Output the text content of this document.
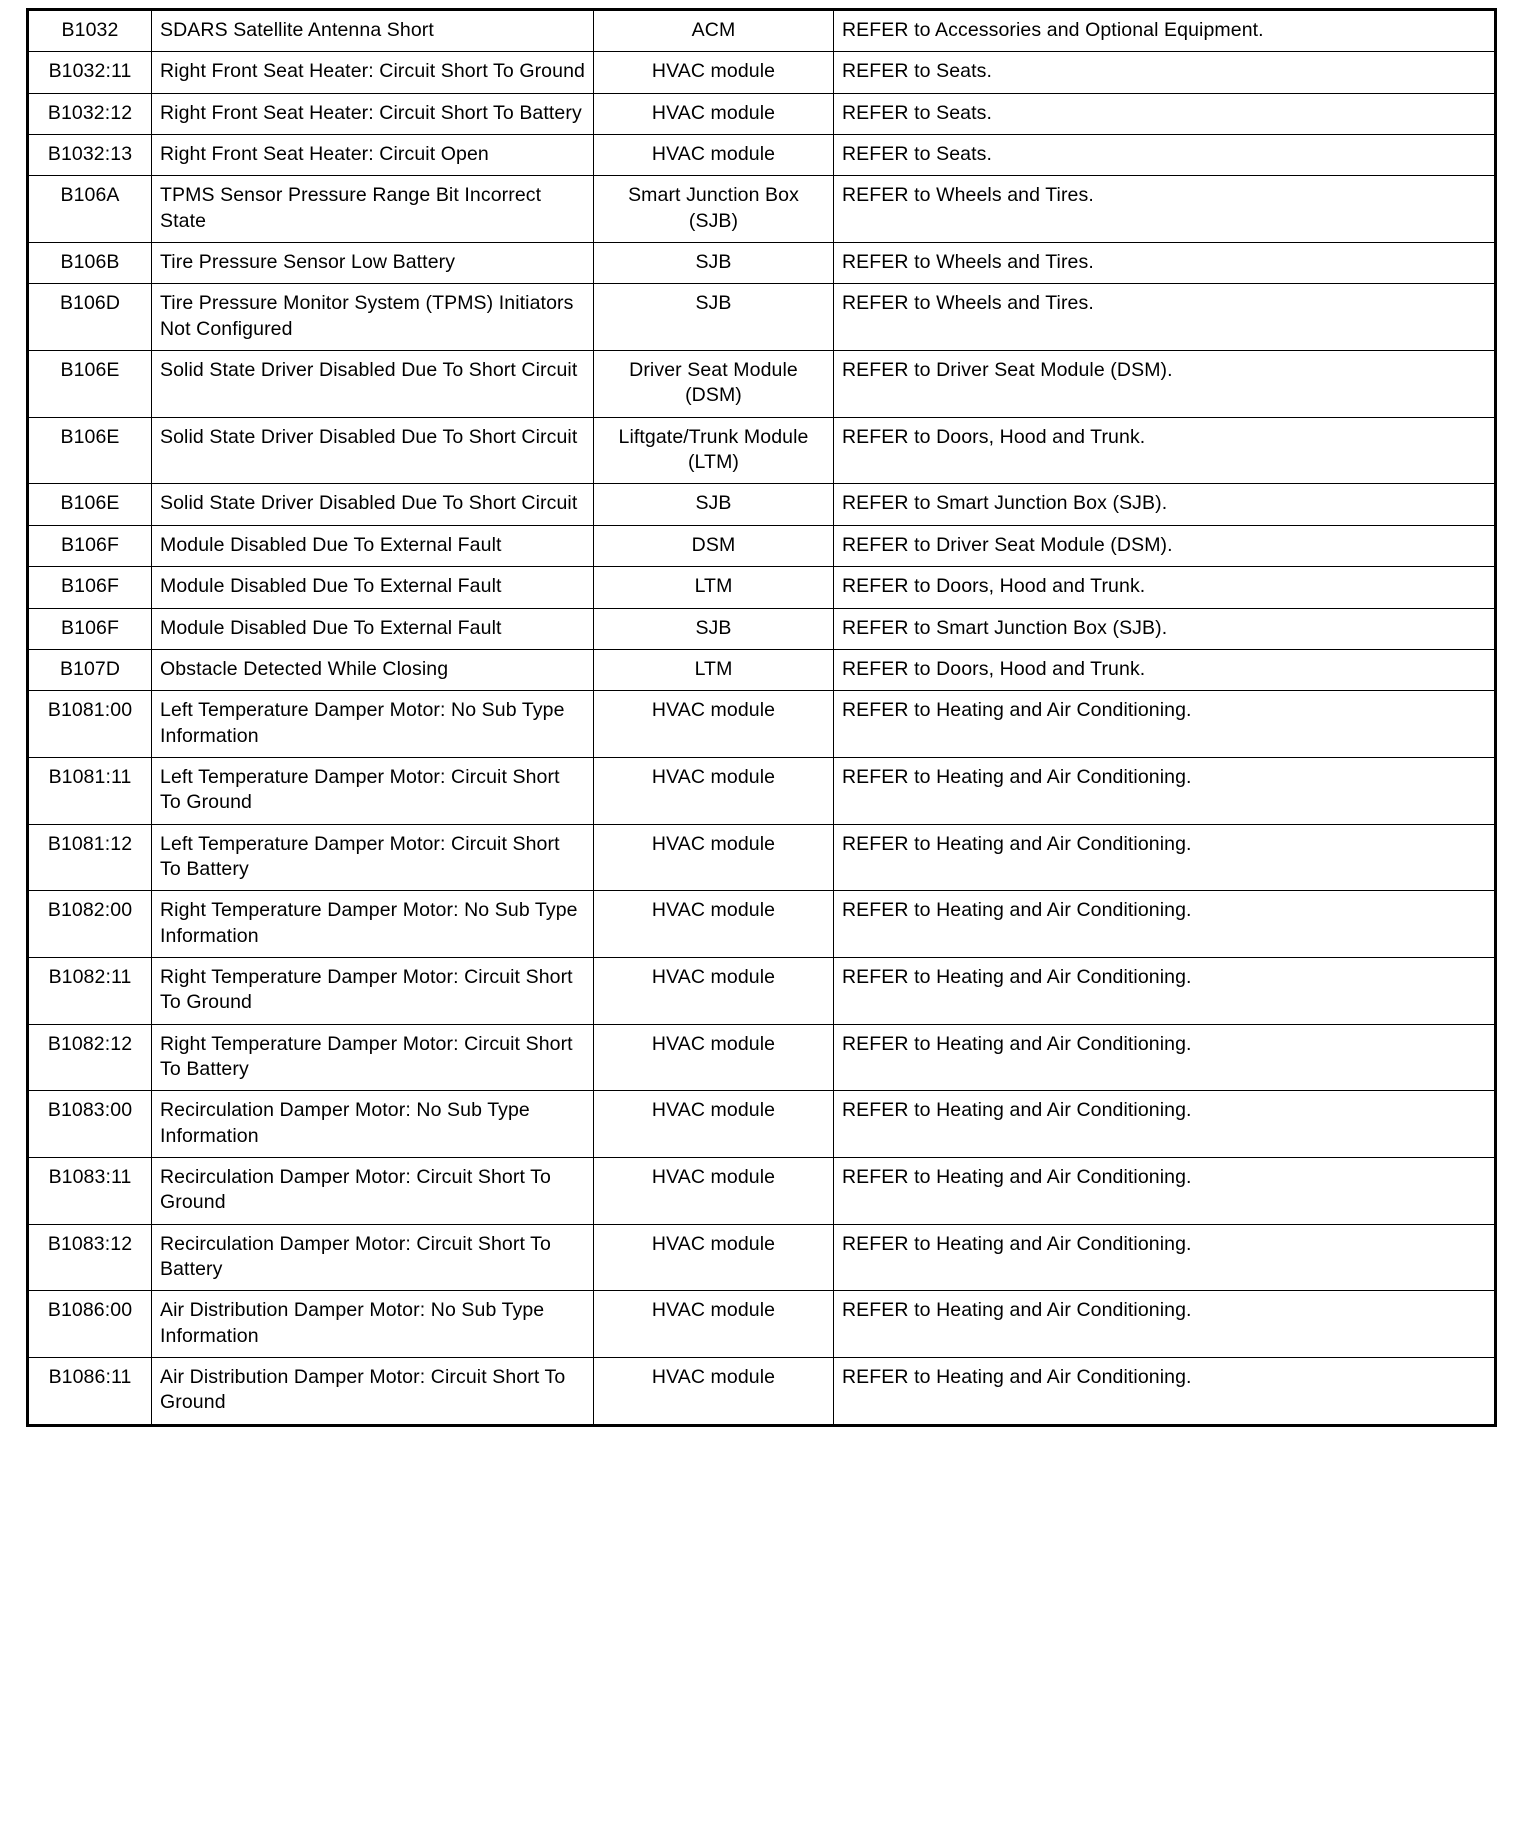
B1032	SDARS Satellite Antenna Short	ACM	REFER to Accessories and Optional Equipment.
B1032:11	Right Front Seat Heater: Circuit Short To Ground	HVAC module	REFER to Seats.
B1032:12	Right Front Seat Heater: Circuit Short To Battery	HVAC module	REFER to Seats.
B1032:13	Right Front Seat Heater: Circuit Open	HVAC module	REFER to Seats.
B106A	TPMS Sensor Pressure Range Bit Incorrect State	Smart Junction Box (SJB)	REFER to Wheels and Tires.
B106B	Tire Pressure Sensor Low Battery	SJB	REFER to Wheels and Tires.
B106D	Tire Pressure Monitor System (TPMS) Initiators Not Configured	SJB	REFER to Wheels and Tires.
B106E	Solid State Driver Disabled Due To Short Circuit	Driver Seat Module (DSM)	REFER to Driver Seat Module (DSM).
B106E	Solid State Driver Disabled Due To Short Circuit	Liftgate/Trunk Module (LTM)	REFER to Doors, Hood and Trunk.
B106E	Solid State Driver Disabled Due To Short Circuit	SJB	REFER to Smart Junction Box (SJB).
B106F	Module Disabled Due To External Fault	DSM	REFER to Driver Seat Module (DSM).
B106F	Module Disabled Due To External Fault	LTM	REFER to Doors, Hood and Trunk.
B106F	Module Disabled Due To External Fault	SJB	REFER to Smart Junction Box (SJB).
B107D	Obstacle Detected While Closing	LTM	REFER to Doors, Hood and Trunk.
B1081:00	Left Temperature Damper Motor: No Sub Type Information	HVAC module	REFER to Heating and Air Conditioning.
B1081:11	Left Temperature Damper Motor: Circuit Short To Ground	HVAC module	REFER to Heating and Air Conditioning.
B1081:12	Left Temperature Damper Motor: Circuit Short To Battery	HVAC module	REFER to Heating and Air Conditioning.
B1082:00	Right Temperature Damper Motor: No Sub Type Information	HVAC module	REFER to Heating and Air Conditioning.
B1082:11	Right Temperature Damper Motor: Circuit Short To Ground	HVAC module	REFER to Heating and Air Conditioning.
B1082:12	Right Temperature Damper Motor: Circuit Short To Battery	HVAC module	REFER to Heating and Air Conditioning.
B1083:00	Recirculation Damper Motor: No Sub Type Information	HVAC module	REFER to Heating and Air Conditioning.
B1083:11	Recirculation Damper Motor: Circuit Short To Ground	HVAC module	REFER to Heating and Air Conditioning.
B1083:12	Recirculation Damper Motor: Circuit Short To Battery	HVAC module	REFER to Heating and Air Conditioning.
B1086:00	Air Distribution Damper Motor: No Sub Type Information	HVAC module	REFER to Heating and Air Conditioning.
B1086:11	Air Distribution Damper Motor: Circuit Short To Ground	HVAC module	REFER to Heating and Air Conditioning.
